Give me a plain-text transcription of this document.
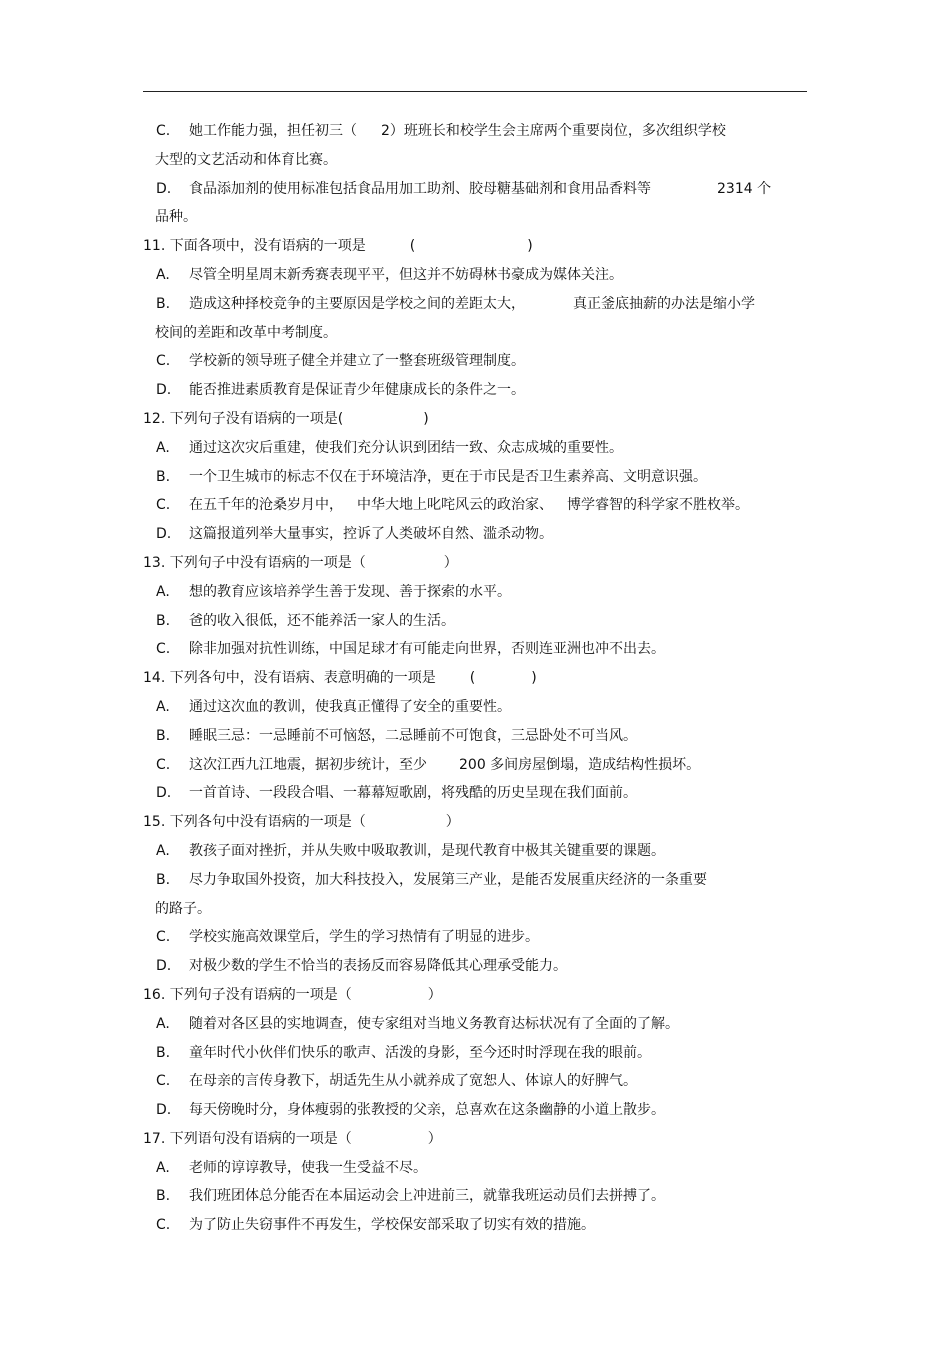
C. 她工作能力强，担任初三（ 2）班班长和校学生会主席两个重要岗位，多次组织学校
大型的文艺活动和体育比赛。
D. 食品添加剂的使用标准包括食品用加工助剂、胶母糖基础剂和食用品香料等	2314 个
品种。
11. 下面各项中，没有语病的一项是	(	)
A. 尽管全明星周末新秀赛表现平平，但这并不妨碍林书豪成为媒体关注。
B. 造成这种择校竞争的主要原因是学校之间的差距太大，	真正釜底抽薪的办法是缩小学
校间的差距和改革中考制度。
C. 学校新的领导班子健全并建立了一整套班级管理制度。
D. 能否推进素质教育是保证青少年健康成长的条件之一。
12. 下列句子没有语病的一项是(	)
A. 通过这次灾后重建，使我们充分认识到团结一致、众志成城的重要性。
B. 一个卫生城市的标志不仅在于环境洁净，更在于市民是否卫生素养高、文明意识强。
C. 在五千年的沧桑岁月中， 中华大地上叱咤风云的政治家、 博学睿智的科学家不胜枚举。
D. 这篇报道列举大量事实，控诉了人类破坏自然、滥杀动物。
13. 下列句子中没有语病的一项是（	）
A. 想的教育应该培养学生善于发现、善于探索的水平。
B. 爸的收入很低，还不能养活一家人的生活。
C. 除非加强对抗性训练，中国足球才有可能走向世界，否则连亚洲也冲不出去。
14. 下列各句中，没有语病、表意明确的一项是 (	)
A. 通过这次血的教训，使我真正懂得了安全的重要性。
B. 睡眠三忌：一忌睡前不可恼怒，二忌睡前不可饱食，三忌卧处不可当风。
C. 这次江西九江地震，据初步统计，至少 200 多间房屋倒塌，造成结构性损坏。
D. 一首首诗、一段段合唱、一幕幕短歌剧，将残酷的历史呈现在我们面前。
15. 下列各句中没有语病的一项是（	）
A. 教孩子面对挫折，并从失败中吸取教训，是现代教育中极其关键重要的课题。
B. 尽力争取国外投资，加大科技投入，发展第三产业，是能否发展重庆经济的一条重要
的路子。
C. 学校实施高效课堂后，学生的学习热情有了明显的进步。
D. 对极少数的学生不恰当的表扬反而容易降低其心理承受能力。
16. 下列句子没有语病的一项是（	）
A. 随着对各区县的实地调查，使专家组对当地义务教育达标状况有了全面的了解。
B. 童年时代小伙伴们快乐的歌声、活泼的身影，至今还时时浮现在我的眼前。
C. 在母亲的言传身教下，胡适先生从小就养成了宽恕人、体谅人的好脾气。
D. 每天傍晚时分，身体瘦弱的张教授的父亲，总喜欢在这条幽静的小道上散步。
17. 下列语句没有语病的一项是（	）
A. 老师的谆谆教导，使我一生受益不尽。
B. 我们班团体总分能否在本届运动会上冲进前三，就靠我班运动员们去拼搏了。
C. 为了防止失窃事件不再发生，学校保安部采取了切实有效的措施。
